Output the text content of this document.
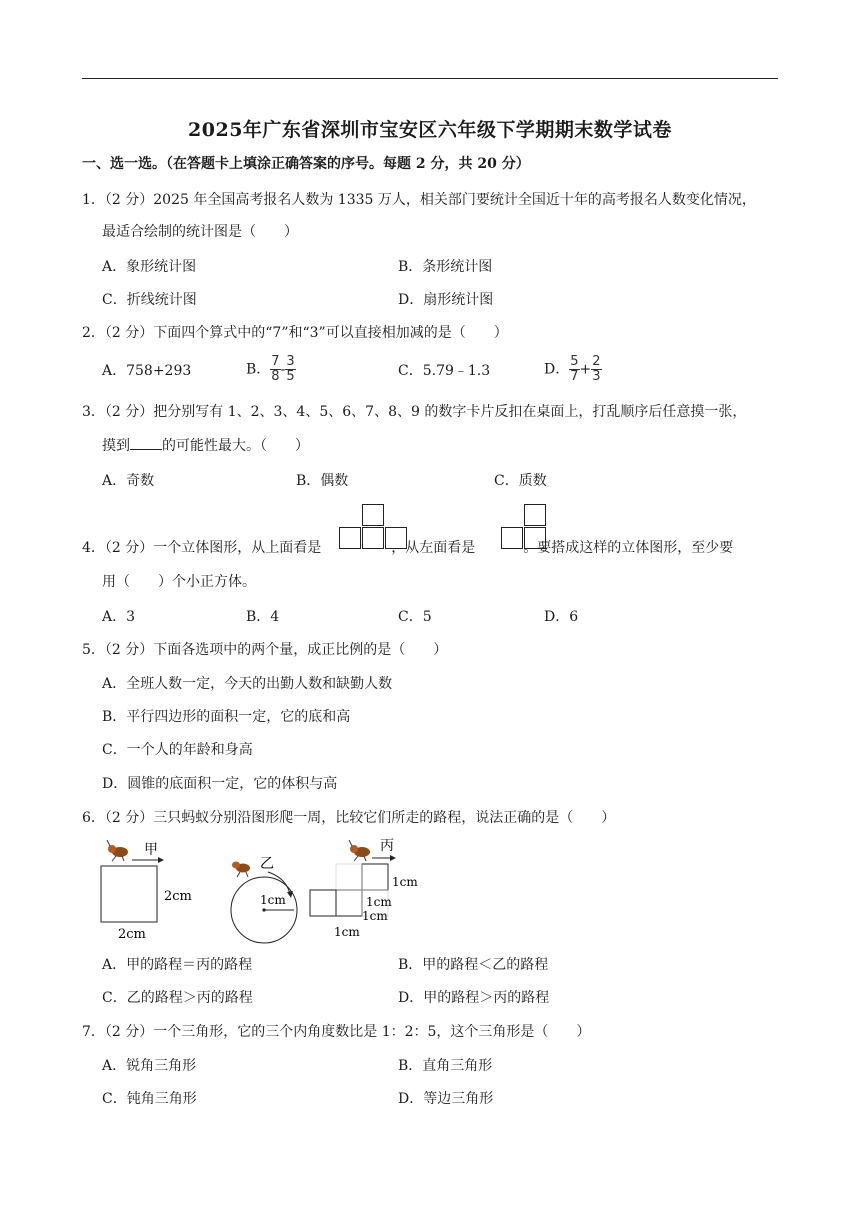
2025年广东省深圳市宝安区六年级下学期期末数学试卷
一、选一选。（在答题卡上填涂正确答案的序号。每题 2 分，共 20 分）
1．（2 分）2025 年全国高考报名人数为 1335 万人，相关部门要统计全国近十年的高考报名人数变化情况，
最适合绘制的统计图是（　　）
A．象形统计图	B．条形统计图
C．折线统计图	D．扇形统计图
2．（2 分）下面四个算式中的“7”和“3”可以直接相加减的是（　　）
A．758+293	B． $\frac{7}{8} - \frac{3}{5}$	C．5.79﹣1.3	D． $\frac{5}{7} + \frac{2}{3}$
3．（2 分）把分别写有 1、2、3、4、5、6、7、8、9 的数字卡片反扣在桌面上，打乱顺序后任意摸一张，
摸到 的可能性最大。（　　）
A．奇数	B．偶数	C．质数
4．（2 分）一个立体图形，从上面看是	，从左面看是	。要搭成这样的立体图形，至少要
用（　　）个小正方体。
A．3	B．4	C．5	D．6
5．（2 分）下面各选项中的两个量，成正比例的是（　　）
A．全班人数一定，今天的出勤人数和缺勤人数
B．平行四边形的面积一定，它的底和高
C．一个人的年龄和身高
D．圆锥的底面积一定，它的体积与高
6．（2 分）三只蚂蚁分别沿图形爬一周，比较它们所走的路程，说法正确的是（　　）
甲
2cm
2cm
乙
1cm
丙
1cm
1cm
1cm
1cm
A．甲的路程＝丙的路程	B．甲的路程＜乙的路程
C．乙的路程＞丙的路程	D．甲的路程＞丙的路程
7．（2 分）一个三角形，它的三个内角度数比是 1：2：5，这个三角形是（　　）
A．锐角三角形	B．直角三角形
C．钝角三角形	D．等边三角形
